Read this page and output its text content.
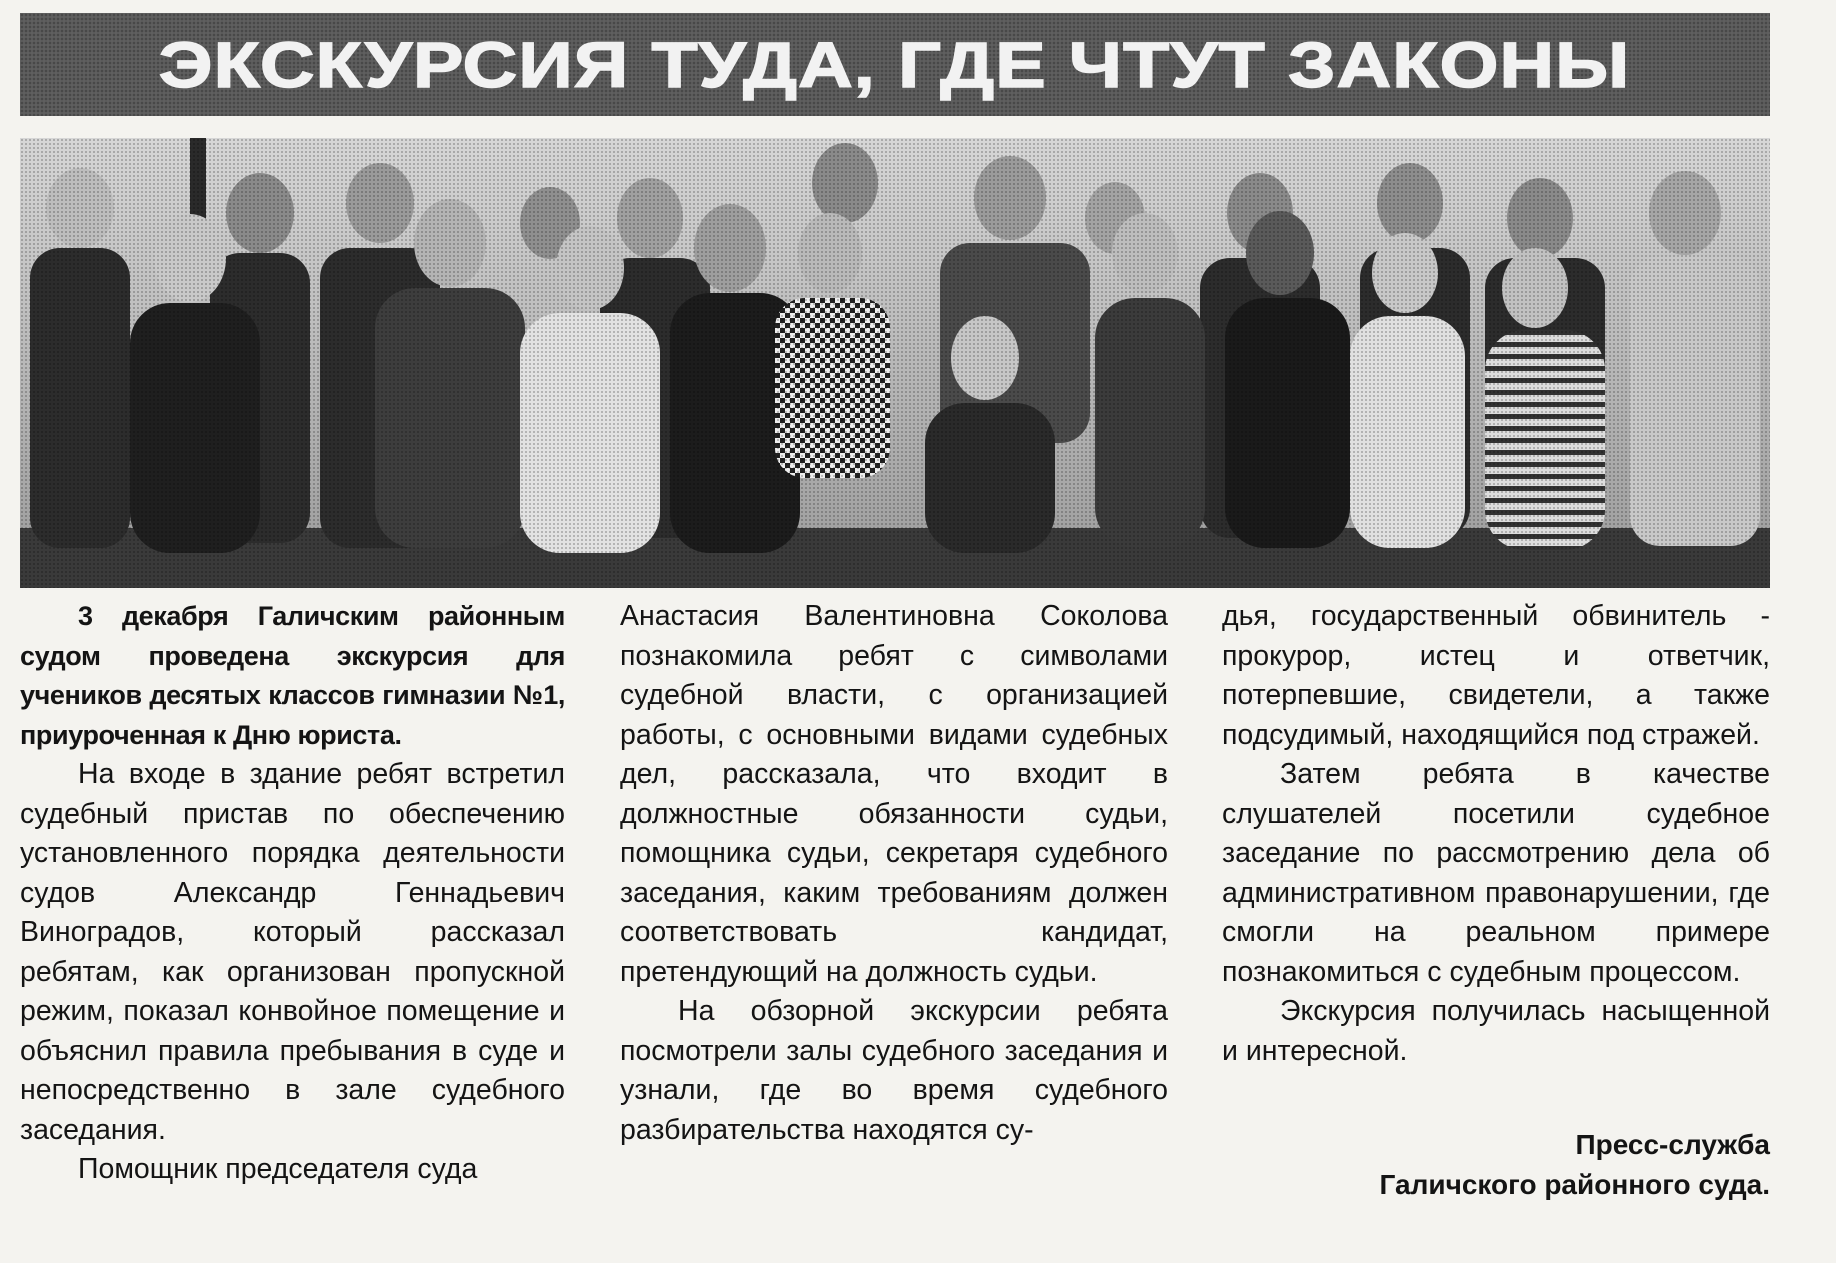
ЭКСКУРСИЯ ТУДА, ГДЕ ЧТУТ ЗАКОНЫ

3 декабря Галичским районным судом проведена экскурсия для учеников десятых классов гимназии №1, приуроченная к Дню юриста.

На входе в здание ребят встретил судебный пристав по обеспечению установленного порядка деятельности судов Александр Геннадьевич Виноградов, который рассказал ребятам, как организован пропускной режим, показал конвойное помещение и объяснил правила пребывания в суде и непосредственно в зале судебного заседания.

Помощник председателя суда

Анастасия Валентиновна Соколова познакомила ребят с символами судебной власти, с организацией работы, с основными видами судебных дел, рассказала, что входит в должностные обязанности судьи, помощника судьи, секретаря судебного заседания, каким требованиям должен соответствовать кандидат, претендующий на должность судьи.

На обзорной экскурсии ребята посмотрели залы судебного заседания и узнали, где во время судебного разбирательства находятся су-

дья, государственный обвинитель - прокурор, истец и ответчик, потерпевшие, свидетели, а также подсудимый, находящийся под стражей.

Затем ребята в качестве слушателей посетили судебное заседание по рассмотрению дела об административном правонарушении, где смогли на реальном примере познакомиться с судебным процессом.

Экскурсия получилась насыщенной и интересной.

Пресс-служба
Галичского районного суда.
